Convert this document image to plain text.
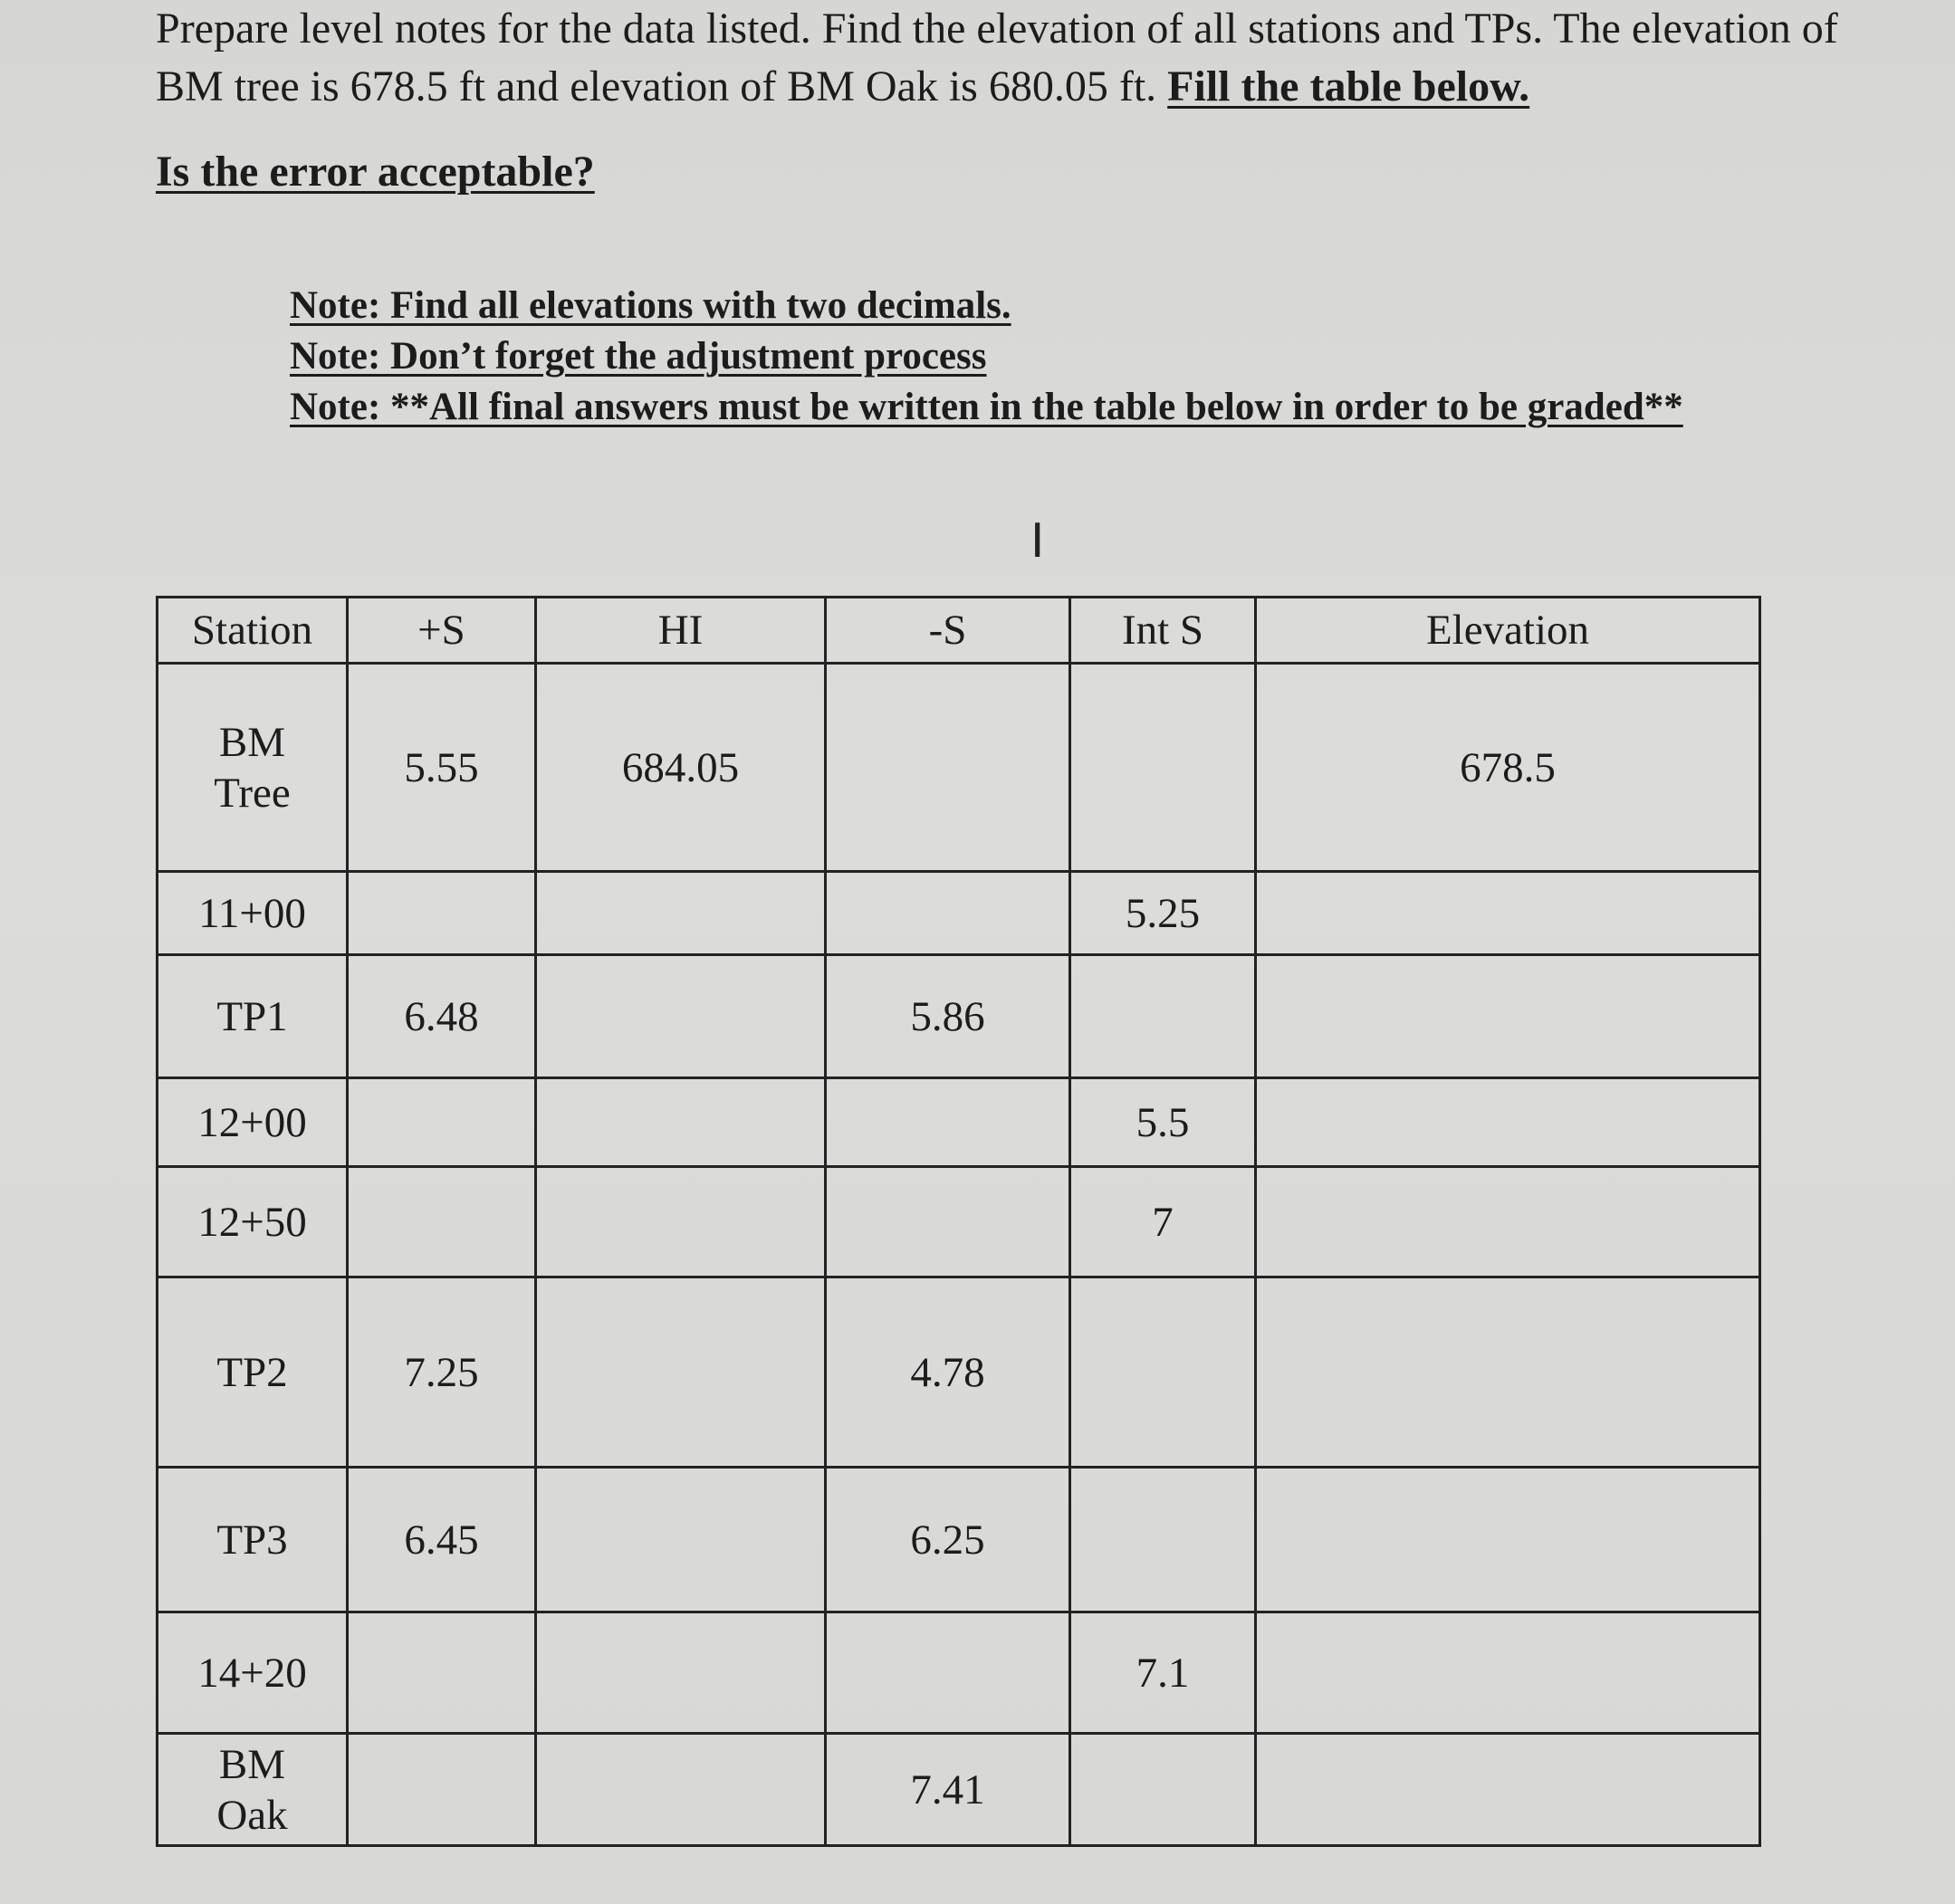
Prepare level notes for the data listed. Find the elevation of all stations and TPs. The elevation of
BM tree is 678.5 ft and elevation of BM Oak is 680.05 ft. Fill the table below.
Is the error acceptable?
Note: Find all elevations with two decimals.
Note: Don’t forget the adjustment process
Note: **All final answers must be written in the table below in order to be graded**
I
Station	+S	HI	-S	Int S	Elevation

BM
Tree	5.55	684.05			678.5

11+00				5.25	

TP1	6.48		5.86		

12+00				5.5	

12+50				7	

TP2	7.25		4.78		

TP3	6.45		6.25		

14+20				7.1	

BM
Oak			7.41		
